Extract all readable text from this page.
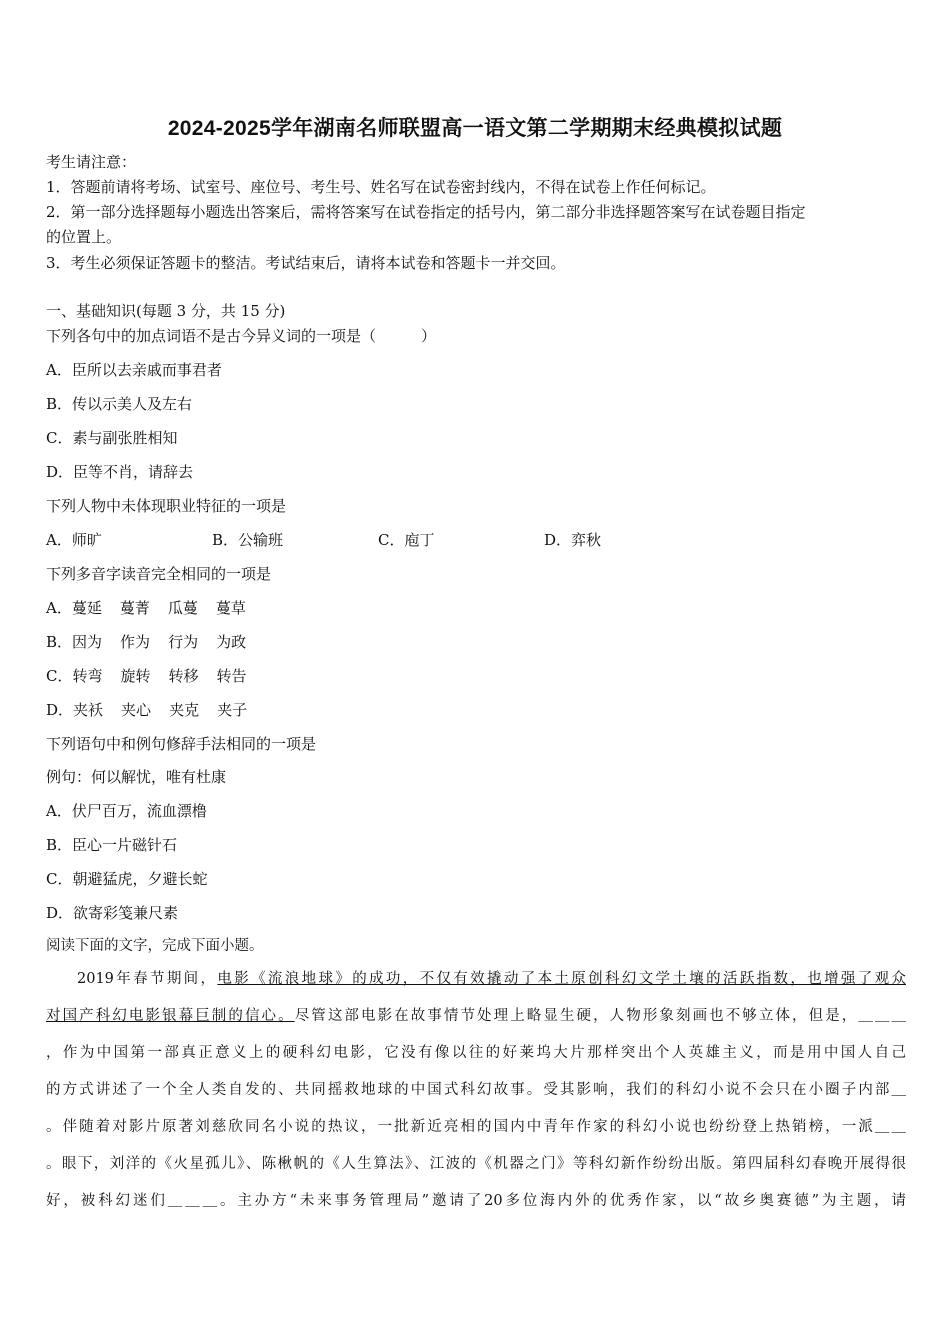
2024-2025学年湖南名师联盟高一语文第二学期期末经典模拟试题
考生请注意：
1．答题前请将考场、试室号、座位号、考生号、姓名写在试卷密封线内，不得在试卷上作任何标记。
2．第一部分选择题每小题选出答案后，需将答案写在试卷指定的括号内，第二部分非选择题答案写在试卷题目指定
的位置上。
3．考生必须保证答题卡的整洁。考试结束后，请将本试卷和答题卡一并交回。
一、基础知识(每题 3 分，共 15 分)
下列各句中的加点词语不是古今异义词的一项是（　　　）
A．臣所以去亲戚而事君者
B．传以示美人及左右
C．素与副张胜相知
D．臣等不肖，请辞去
下列人物中未体现职业特征的一项是
A．师旷	B．公输班	C．庖丁	D．弈秋
下列多音字读音完全相同的一项是
A．蔓延 蔓菁 瓜蔓 蔓草
B．因为 作为 行为 为政
C．转弯 旋转 转移 转告
D．夹袄 夹心 夹克 夹子
下列语句中和例句修辞手法相同的一项是
例句：何以解忧，唯有杜康
A．伏尸百万，流血漂橹
B．臣心一片磁针石
C．朝避猛虎，夕避长蛇
D．欲寄彩笺兼尺素
阅读下面的文字，完成下面小题。
2019年春节期间，电影《流浪地球》的成功，不仅有效撬动了本土原创科幻文学土壤的活跃指数，也增强了观众
对国产科幻电影银幕巨制的信心。尽管这部电影在故事情节处理上略显生硬，人物形象刻画也不够立体，但是，＿＿＿
，作为中国第一部真正意义上的硬科幻电影，它没有像以往的好莱坞大片那样突出个人英雄主义，而是用中国人自己
的方式讲述了一个全人类自发的、共同摇救地球的中国式科幻故事。受其影响，我们的科幻小说不会只在小圈子内部＿
。伴随着对影片原著刘慈欣同名小说的热议，一批新近亮相的国内中青年作家的科幻小说也纷纷登上热销榜，一派＿＿
。眼下，刘洋的《火星孤儿》、陈楸帆的《人生算法》、江波的《机器之门》等科幻新作纷纷出版。第四届科幻春晚开展得很
好，被科幻迷们＿＿＿。主办方“未来事务管理局”邀请了20多位海内外的优秀作家，以“故乡奥赛德”为主题，请
